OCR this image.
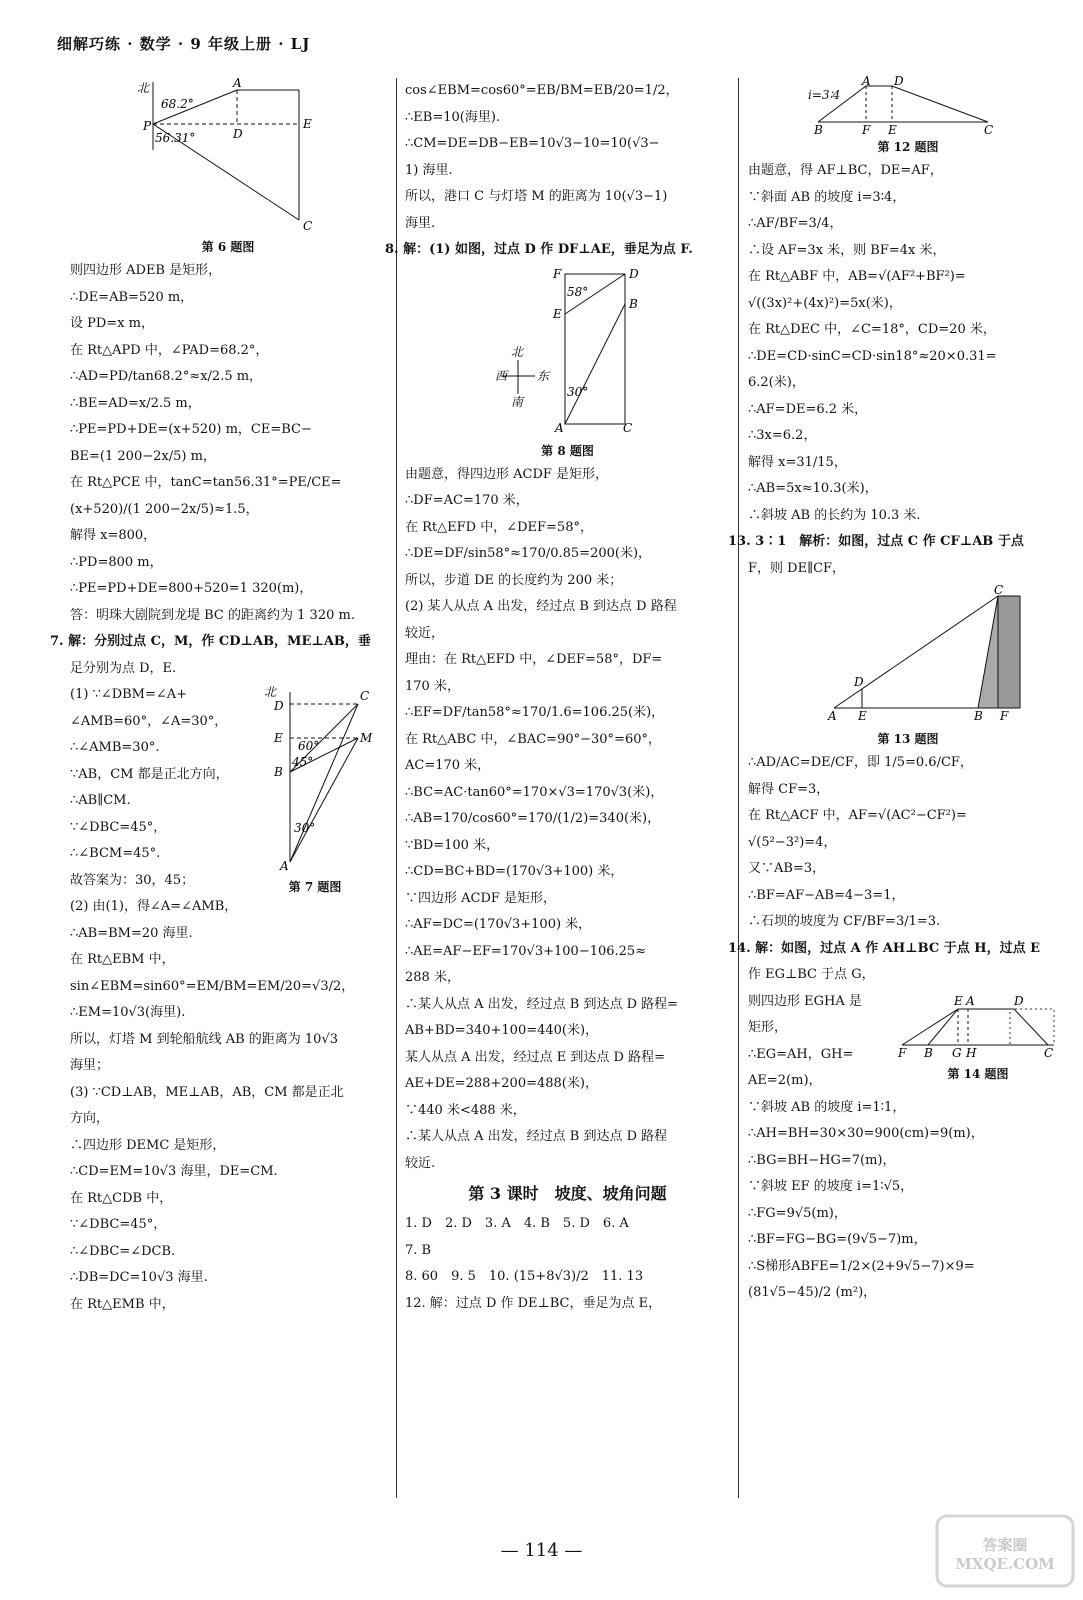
细解巧练 · 数学 · 9 年级上册 · LJ
北
68.2°
56.31°
P
A
D
E
C
第 6 题图
则四边形 ADEB 是矩形，
∴DE=AB=520 m，
设 PD=x m，
在 Rt△APD 中，∠PAD=68.2°，
∴AD=PD/tan68.2°≈x/2.5 m，
∴BE=AD=x/2.5 m，
∴PE=PD+DE=(x+520) m，CE=BC−
BE=(1 200−2x/5) m，
在 Rt△PCE 中，tanC=tan56.31°=PE/CE=
(x+520)/(1 200−2x/5)≈1.5，
解得 x=800，
∴PD=800 m，
∴PE=PD+DE=800+520=1 320(m)，
答：明珠大剧院到龙堤 BC 的距离约为 1 320 m.
7. 解：分别过点 C，M，作 CD⊥AB，ME⊥AB，垂
足分别为点 D，E.
北
D
E
C
M
B
60°
45°
30°
A
第 7 题图
(1) ∵∠DBM=∠A+
∠AMB=60°，∠A=30°，
∴∠AMB=30°.
∵AB，CM 都是正北方向，
∴AB∥CM.
∵∠DBC=45°，
∴∠BCM=45°.
故答案为：30，45；
(2) 由(1)，得∠A=∠AMB，
∴AB=BM=20 海里.
在 Rt△EBM 中，
sin∠EBM=sin60°=EM/BM=EM/20=√3/2，
∴EM=10√3(海里).
所以，灯塔 M 到轮船航线 AB 的距离为 10√3
海里；
(3) ∵CD⊥AB，ME⊥AB，AB，CM 都是正北
方向，
∴四边形 DEMC 是矩形，
∴CD=EM=10√3 海里，DE=CM.
在 Rt△CDB 中，
∵∠DBC=45°，
∴∠DBC=∠DCB.
∴DB=DC=10√3 海里.
在 Rt△EMB 中，
cos∠EBM=cos60°=EB/BM=EB/20=1/2，
∴EB=10(海里).
∴CM=DE=DB−EB=10√3−10=10(√3−
1) 海里.
所以，港口 C 与灯塔 M 的距离为 10(√3−1)
海里.
8. 解：(1) 如图，过点 D 作 DF⊥AE，垂足为点 F.
F	D
E
B
58°
30°
A	C
北
南
西 东
第 8 题图
由题意，得四边形 ACDF 是矩形，
∴DF=AC=170 米，
在 Rt△EFD 中，∠DEF=58°，
∴DE=DF/sin58°≈170/0.85=200(米)，
所以，步道 DE 的长度约为 200 米；
(2) 某人从点 A 出发，经过点 B 到达点 D 路程
较近，
理由：在 Rt△EFD 中，∠DEF=58°，DF=
170 米，
∴EF=DF/tan58°≈170/1.6=106.25(米)，
在 Rt△ABC 中，∠BAC=90°−30°=60°，
AC=170 米，
∴BC=AC·tan60°=170×√3=170√3(米)，
∴AB=170/cos60°=170/(1/2)=340(米)，
∵BD=100 米，
∴CD=BC+BD=(170√3+100) 米，
∵四边形 ACDF 是矩形，
∴AF=DC=(170√3+100) 米，
∴AE=AF−EF=170√3+100−106.25≈
288 米，
∴某人从点 A 出发，经过点 B 到达点 D 路程=
AB+BD=340+100=440(米)，
某人从点 A 出发，经过点 E 到达点 D 路程=
AE+DE=288+200=488(米)，
∵440 米<488 米，
∴某人从点 A 出发，经过点 B 到达点 D 路程
较近.
第 3 课时　坡度、坡角问题
1. D　2. D　3. A　4. B　5. D　6. A
7. B
8. 60　9. 5　10. (15+8√3)/2　11. 13
12. 解：过点 D 作 DE⊥BC，垂足为点 E，
A D
B	F E	C
i=3∶4
第 12 题图
由题意，得 AF⊥BC，DE=AF，
∵斜面 AB 的坡度 i=3∶4，
∴AF/BF=3/4，
∴设 AF=3x 米，则 BF=4x 米，
在 Rt△ABF 中，AB=√(AF²+BF²)=
√((3x)²+(4x)²)=5x(米)，
在 Rt△DEC 中，∠C=18°，CD=20 米，
∴DE=CD·sinC=CD·sin18°≈20×0.31=
6.2(米)，
∴AF=DE=6.2 米，
∴3x=6.2，
解得 x=31/15，
∴AB=5x≈10.3(米)，
∴斜坡 AB 的长约为 10.3 米.
13. 3∶1　解析：如图，过点 C 作 CF⊥AB 于点
F，则 DE∥CF，
C
D
A E	B F
第 13 题图
∴AD/AC=DE/CF，即 1/5=0.6/CF，
解得 CF=3，
在 Rt△ACF 中，AF=√(AC²−CF²)=
√(5²−3²)=4，
又∵AB=3，
∴BF=AF−AB=4−3=1，
∴石坝的坡度为 CF/BF=3/1=3.
14. 解：如图，过点 A 作 AH⊥BC 于点 H，过点 E
作 EG⊥BC 于点 G，
E A	D
F B G H	C
第 14 题图
则四边形 EGHA 是
矩形，
∴EG=AH，GH=
AE=2(m)，
∵斜坡 AB 的坡度 i=1∶1，
∴AH=BH=30×30=900(cm)=9(m)，
∴BG=BH−HG=7(m)，
∵斜坡 EF 的坡度 i=1∶√5，
∴FG=9√5(m)，
∴BF=FG−BG=(9√5−7)m，
∴S梯形ABFE=1/2×(2+9√5−7)×9=
(81√5−45)/2 (m²)，
— 114 —	答案圈 MXQE.COM
